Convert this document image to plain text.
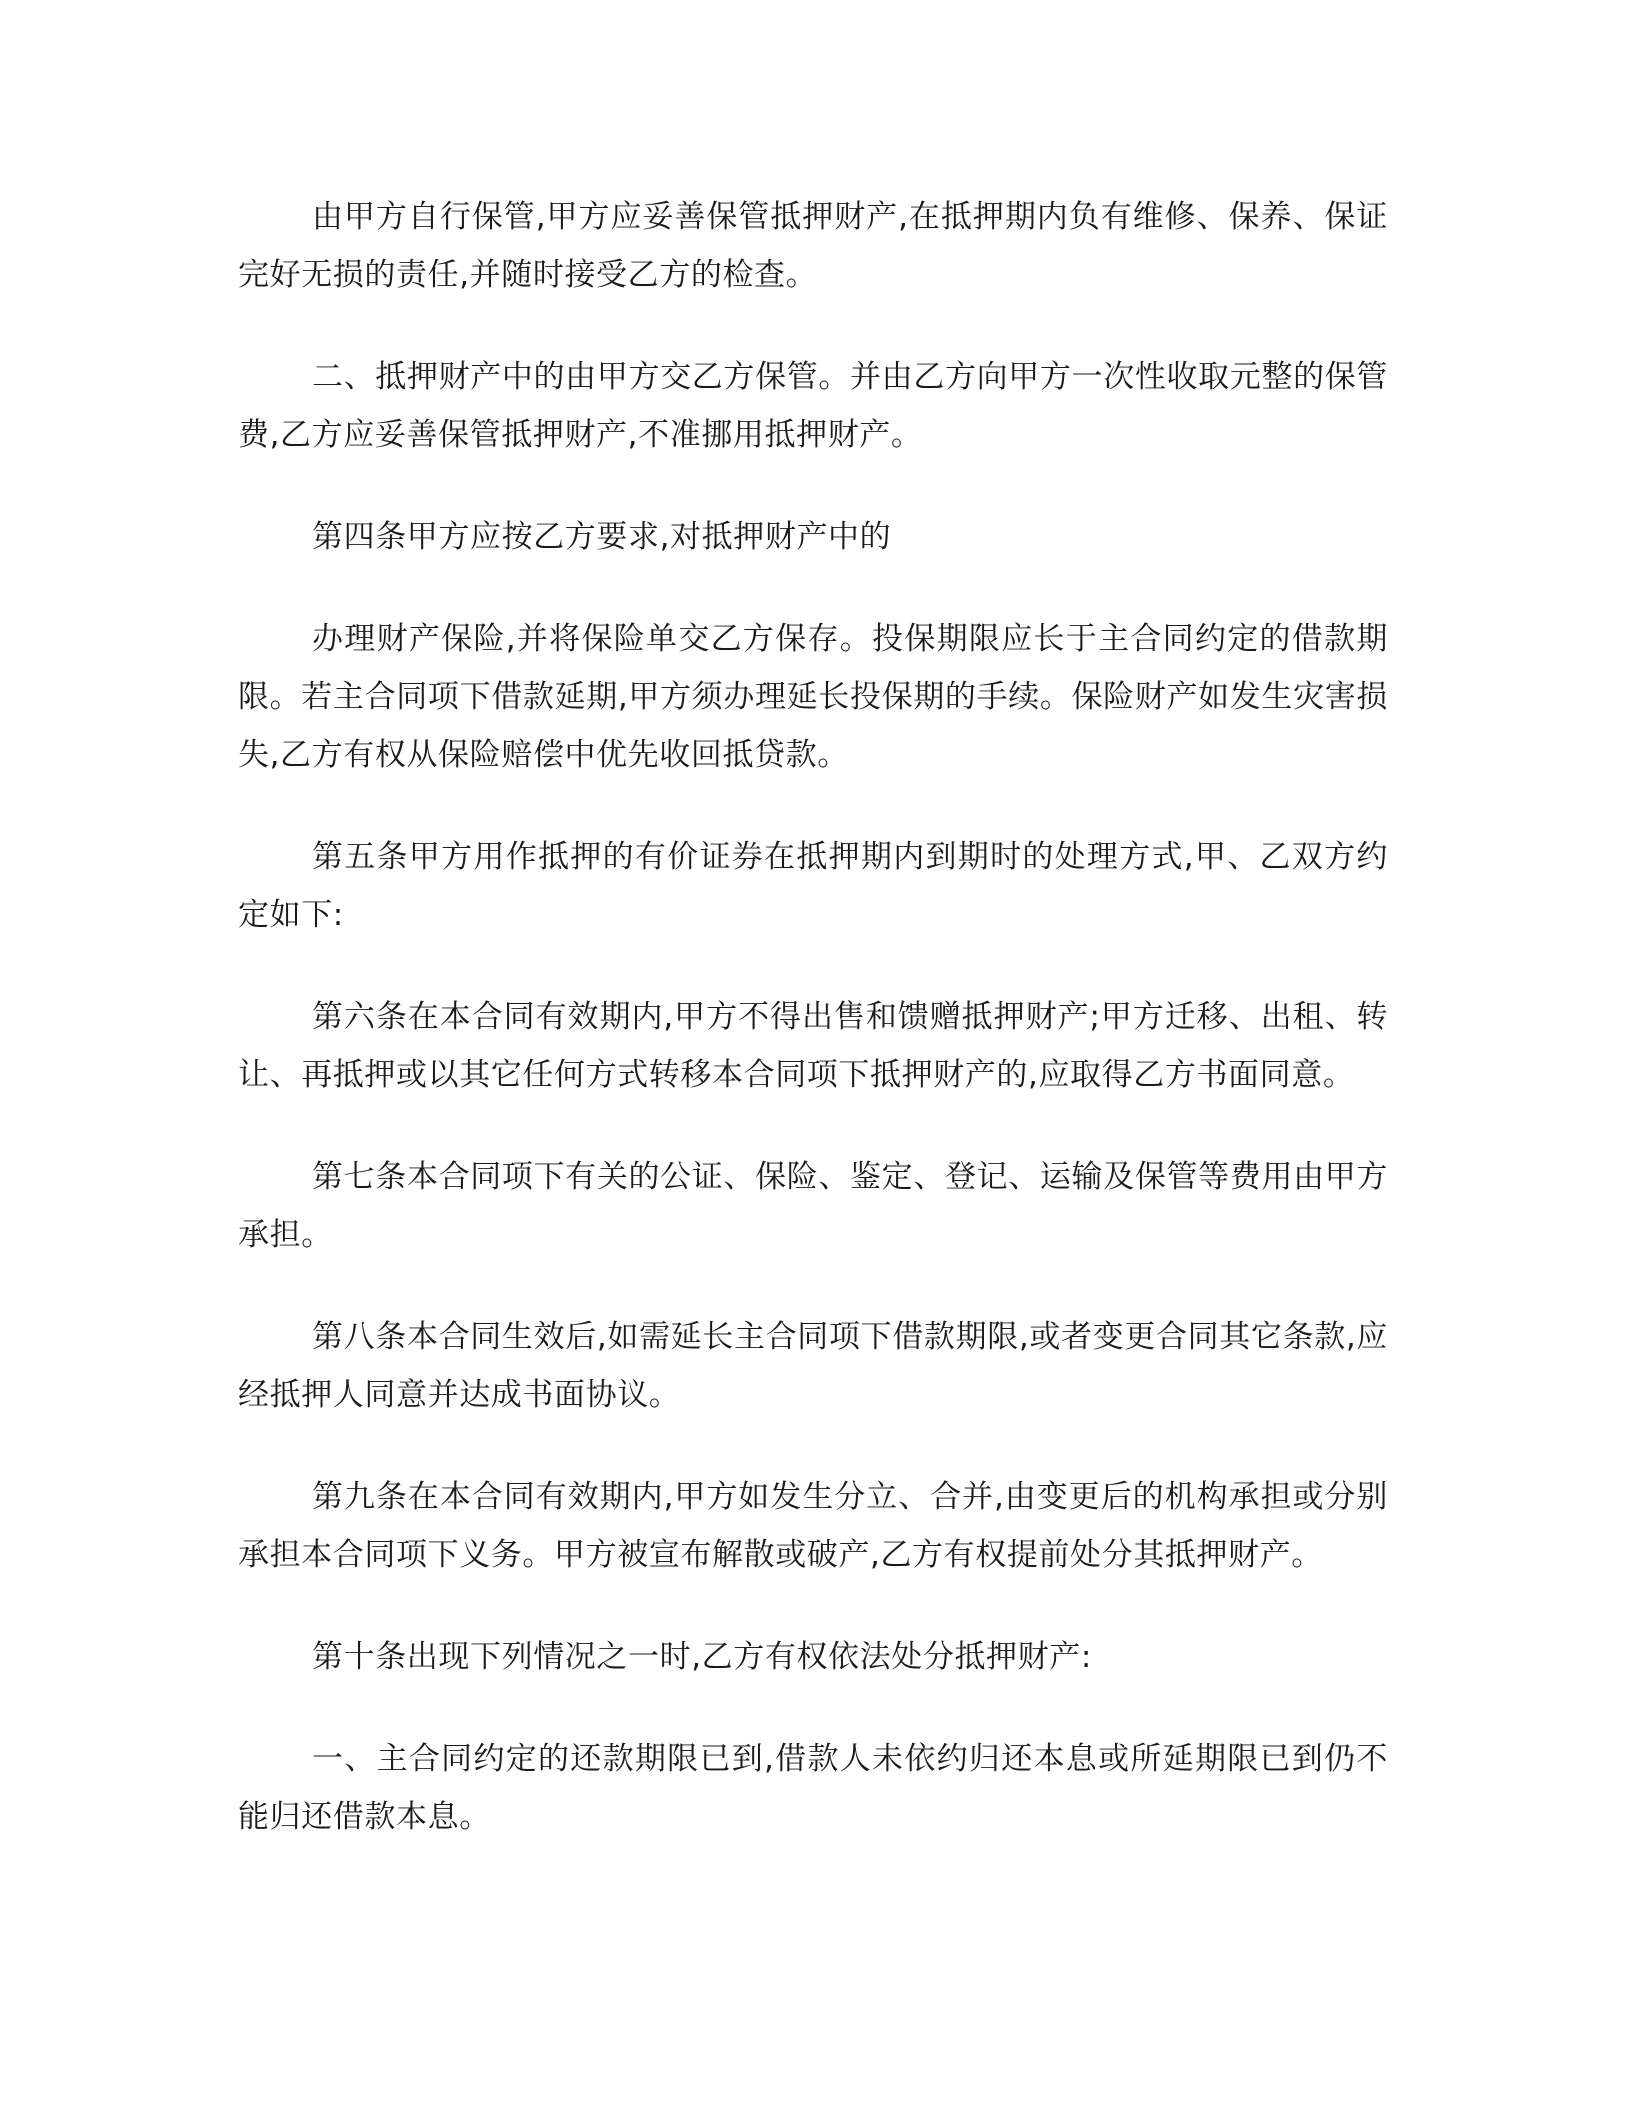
由甲方自行保管,甲方应妥善保管抵押财产,在抵押期内负有维修、保养、保证完好无损的责任,并随时接受乙方的检查。

二、抵押财产中的由甲方交乙方保管。并由乙方向甲方一次性收取元整的保管费,乙方应妥善保管抵押财产,不准挪用抵押财产。

第四条甲方应按乙方要求,对抵押财产中的

办理财产保险,并将保险单交乙方保存。投保期限应长于主合同约定的借款期限。若主合同项下借款延期,甲方须办理延长投保期的手续。保险财产如发生灾害损失,乙方有权从保险赔偿中优先收回抵贷款。

第五条甲方用作抵押的有价证券在抵押期内到期时的处理方式,甲、乙双方约定如下:

第六条在本合同有效期内,甲方不得出售和馈赠抵押财产;甲方迁移、出租、转让、再抵押或以其它任何方式转移本合同项下抵押财产的,应取得乙方书面同意。

第七条本合同项下有关的公证、保险、鉴定、登记、运输及保管等费用由甲方承担。

第八条本合同生效后,如需延长主合同项下借款期限,或者变更合同其它条款,应经抵押人同意并达成书面协议。

第九条在本合同有效期内,甲方如发生分立、合并,由变更后的机构承担或分别承担本合同项下义务。甲方被宣布解散或破产,乙方有权提前处分其抵押财产。

第十条出现下列情况之一时,乙方有权依法处分抵押财产:

一、主合同约定的还款期限已到,借款人未依约归还本息或所延期限已到仍不能归还借款本息。
